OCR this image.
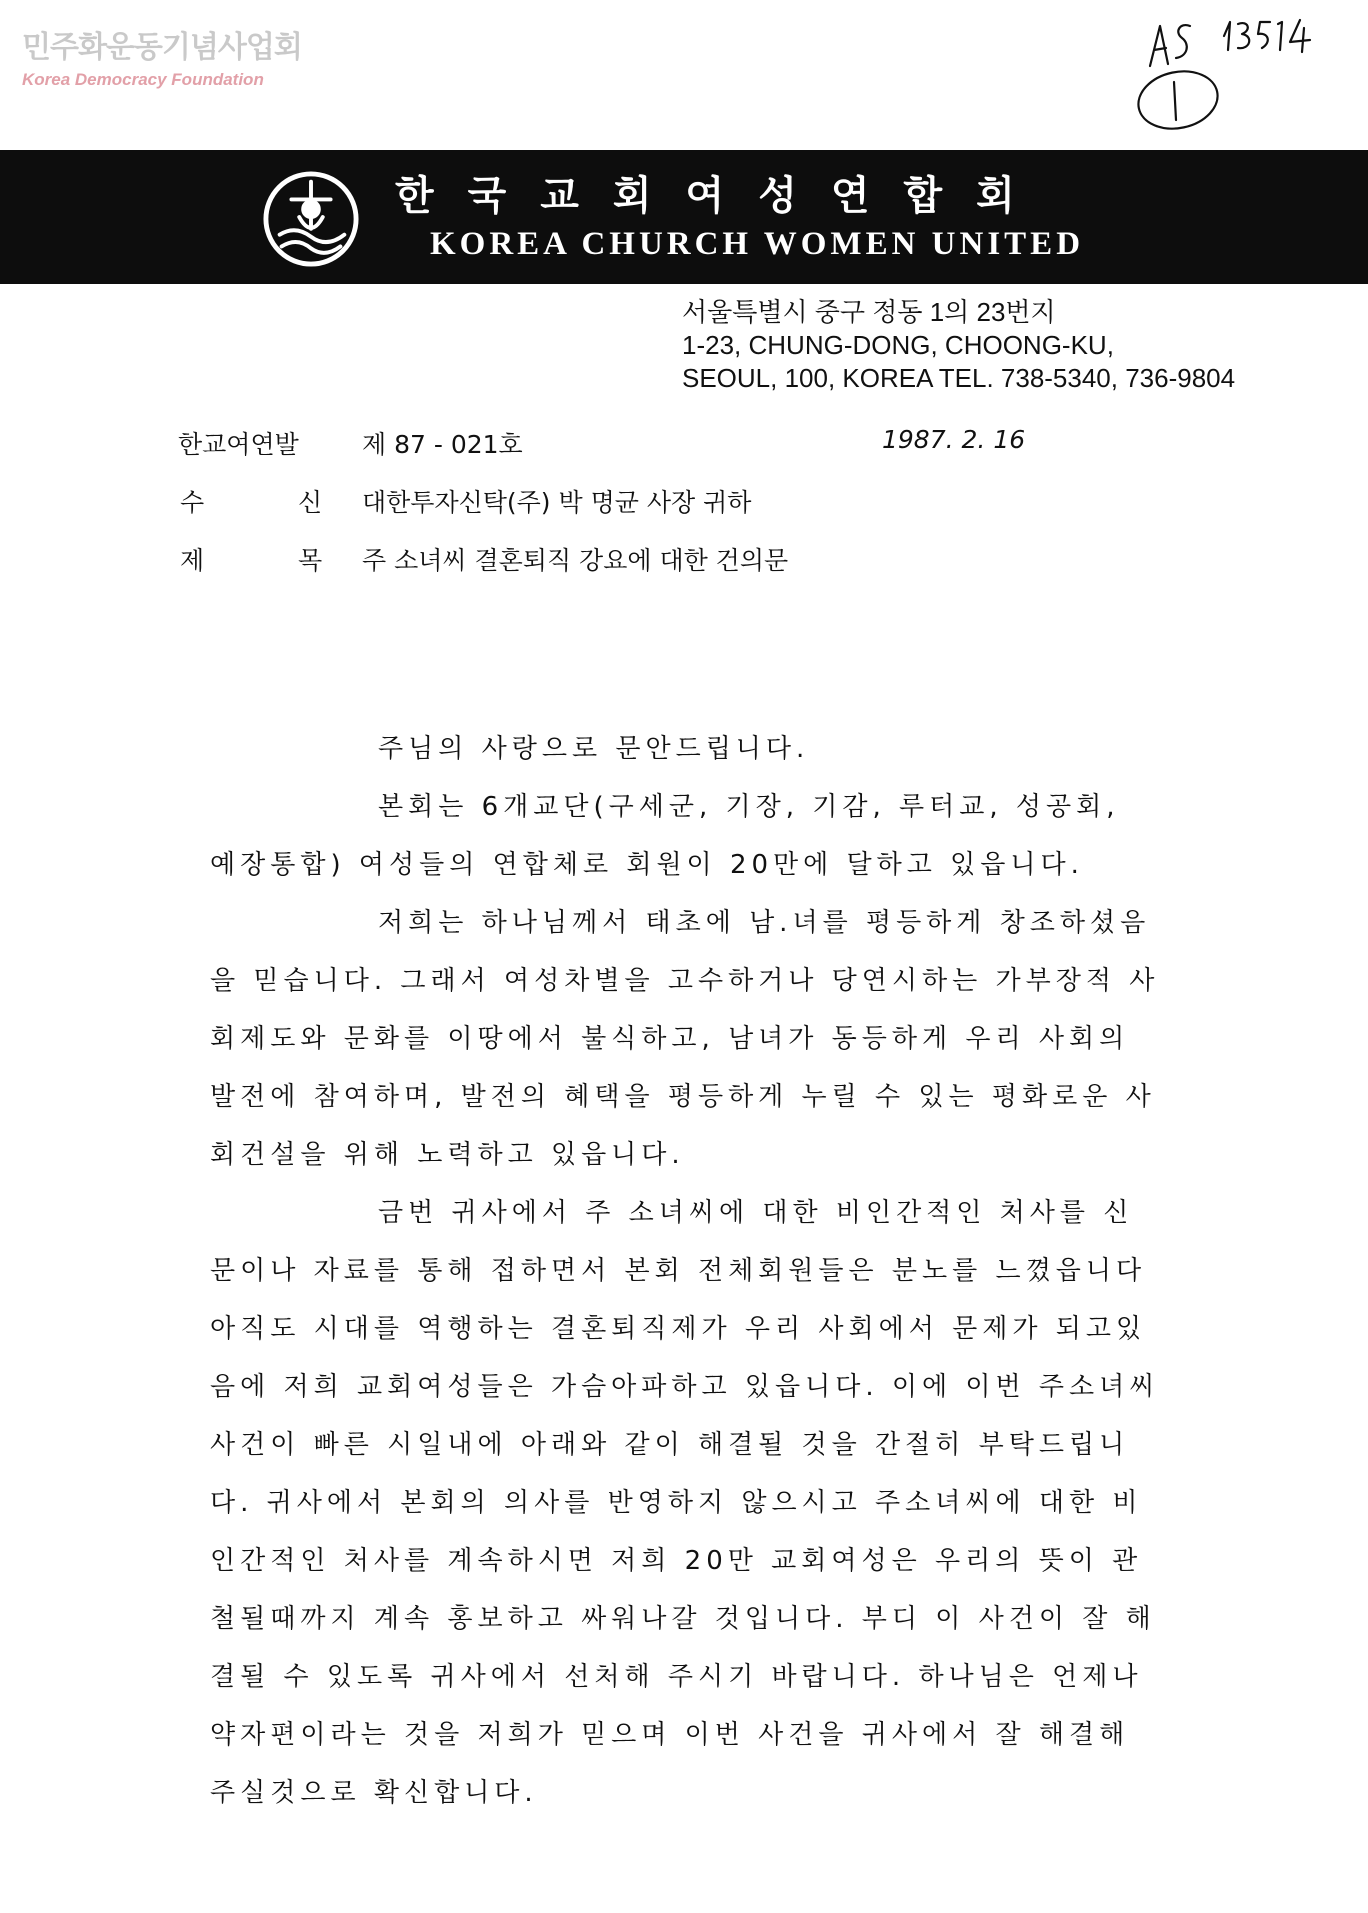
민주화운동기념사업회
Korea Democracy Foundation
한국교회여성연합회
KOREA CHURCH WOMEN UNITED
서울특별시 중구 정동 1의 23번지
1-23, CHUNG-DONG, CHOONG-KU,
SEOUL, 100, KOREA TEL. 738-5340, 736-9804
한교여연발	제 87 - 021호	1987. 2. 16
수	신 대한투자신탁(주) 박 명균 사장 귀하
제	목 주 소녀씨 결혼퇴직 강요에 대한 건의문

주님의 사랑으로 문안드립니다.

본회는 6개교단(구세군, 기장, 기감, 루터교, 성공회, 예장통합) 여성들의 연합체로 회원이 20만에 달하고 있읍니다.

저희는 하나님께서 태초에 남.녀를 평등하게 창조하셨음을 믿습니다. 그래서 여성차별을 고수하거나 당연시하는 가부장적 사회제도와 문화를 이땅에서 불식하고, 남녀가 동등하게 우리 사회의 발전에 참여하며, 발전의 혜택을 평등하게 누릴 수 있는 평화로운 사회건설을 위해 노력하고 있읍니다.

금번 귀사에서 주 소녀씨에 대한 비인간적인 처사를 신문이나 자료를 통해 접하면서 본회 전체회원들은 분노를 느꼈읍니다 아직도 시대를 역행하는 결혼퇴직제가 우리 사회에서 문제가 되고있음에 저희 교회여성들은 가슴아파하고 있읍니다. 이에 이번 주소녀씨 사건이 빠른 시일내에 아래와 같이 해결될 것을 간절히 부탁드립니다. 귀사에서 본회의 의사를 반영하지 않으시고 주소녀씨에 대한 비인간적인 처사를 계속하시면 저희 20만 교회여성은 우리의 뜻이 관철될때까지 계속 홍보하고 싸워나갈 것입니다. 부디 이 사건이 잘 해결될 수 있도록 귀사에서 선처해 주시기 바랍니다. 하나님은 언제나 약자편이라는 것을 저희가 믿으며 이번 사건을 귀사에서 잘 해결해 주실것으로 확신합니다.
